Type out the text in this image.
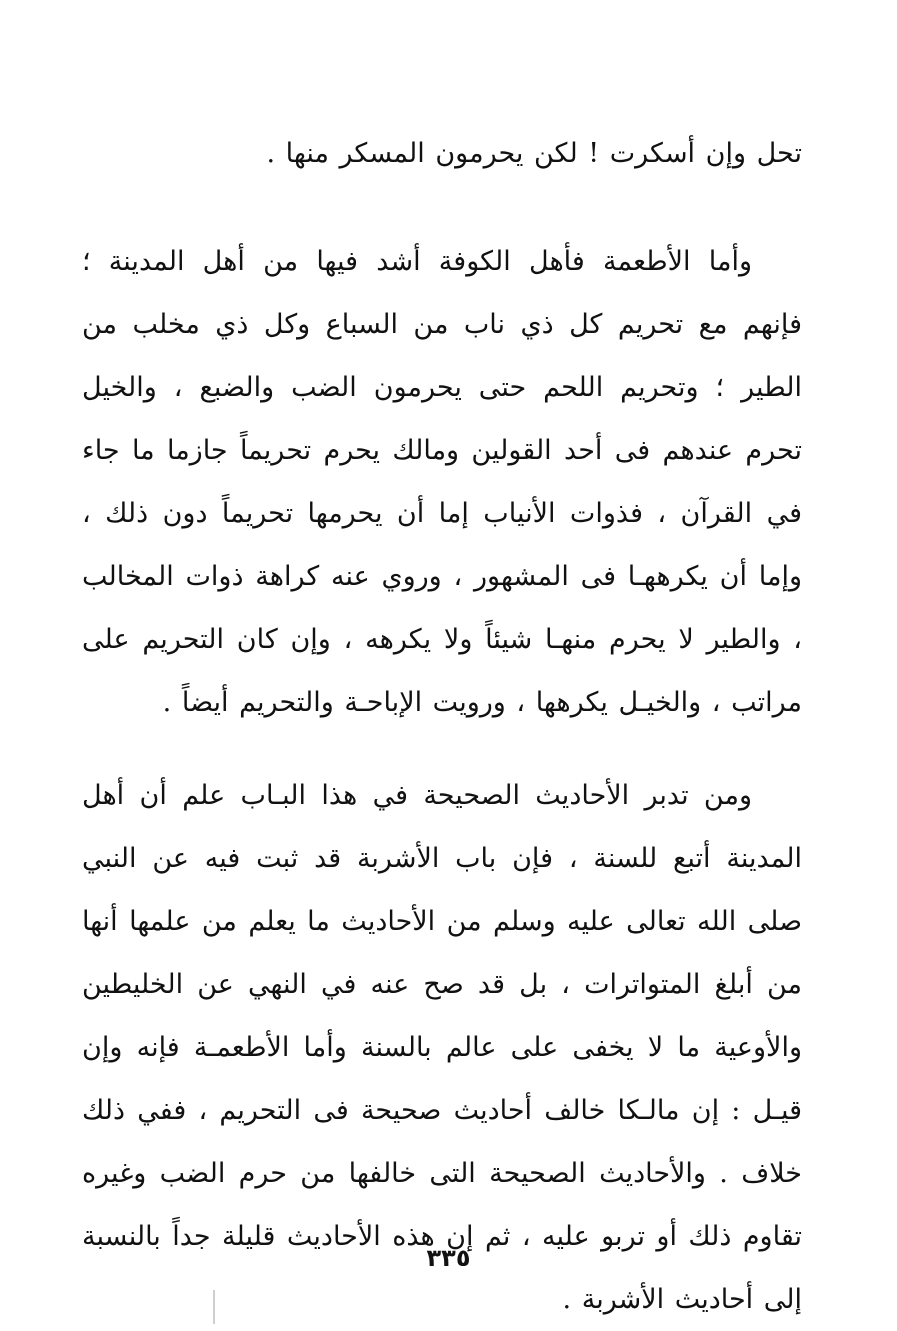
تحل وإن أسكرت ! لكن يحرمون المسكر منها .

وأما الأطعمة فأهل الكوفة أشد فيها من أهل المدينة ؛ فإنهم مع تحريم كل ذي ناب من السباع وكل ذي مخلب من الطير ؛ وتحريم اللحم حتى يحرمون الضب والضبع ، والخيل تحرم عندهم فى أحد القولين ومالك يحرم تحريماً جازما ما جاء في القرآن ، فذوات الأنياب إما أن يحرمها تحريماً دون ذلك ، وإما أن يكرههـا فى المشهور ، وروي عنه كراهة ذوات المخالب ، والطير لا يحرم منهـا شيئاً ولا يكرهه ، وإن كان التحريم على مراتب ، والخيـل يكرهها ، ورويت الإباحـة والتحريم أيضاً .

ومن تدبر الأحاديث الصحيحة في هذا البـاب علم أن أهل المدينة أتبع للسنة ، فإن باب الأشربة قد ثبت فيه عن النبي صلى الله تعالى عليه وسلم من الأحاديث ما يعلم من علمها أنها من أبلغ المتواترات ، بل قد صح عنه في النهي عن الخليطين والأوعية ما لا يخفى على عالم بالسنة وأما الأطعمـة فإنه وإن قيـل : إن مالـكا خالف أحاديث صحيحة فى التحريم ، ففي ذلك خلاف . والأحاديث الصحيحة التى خالفها من حرم الضب وغيره تقاوم ذلك أو تربو عليه ، ثم إن هذه الأحاديث قليلة جداً بالنسبة إلى أحاديث الأشربة .

٣٣٥
